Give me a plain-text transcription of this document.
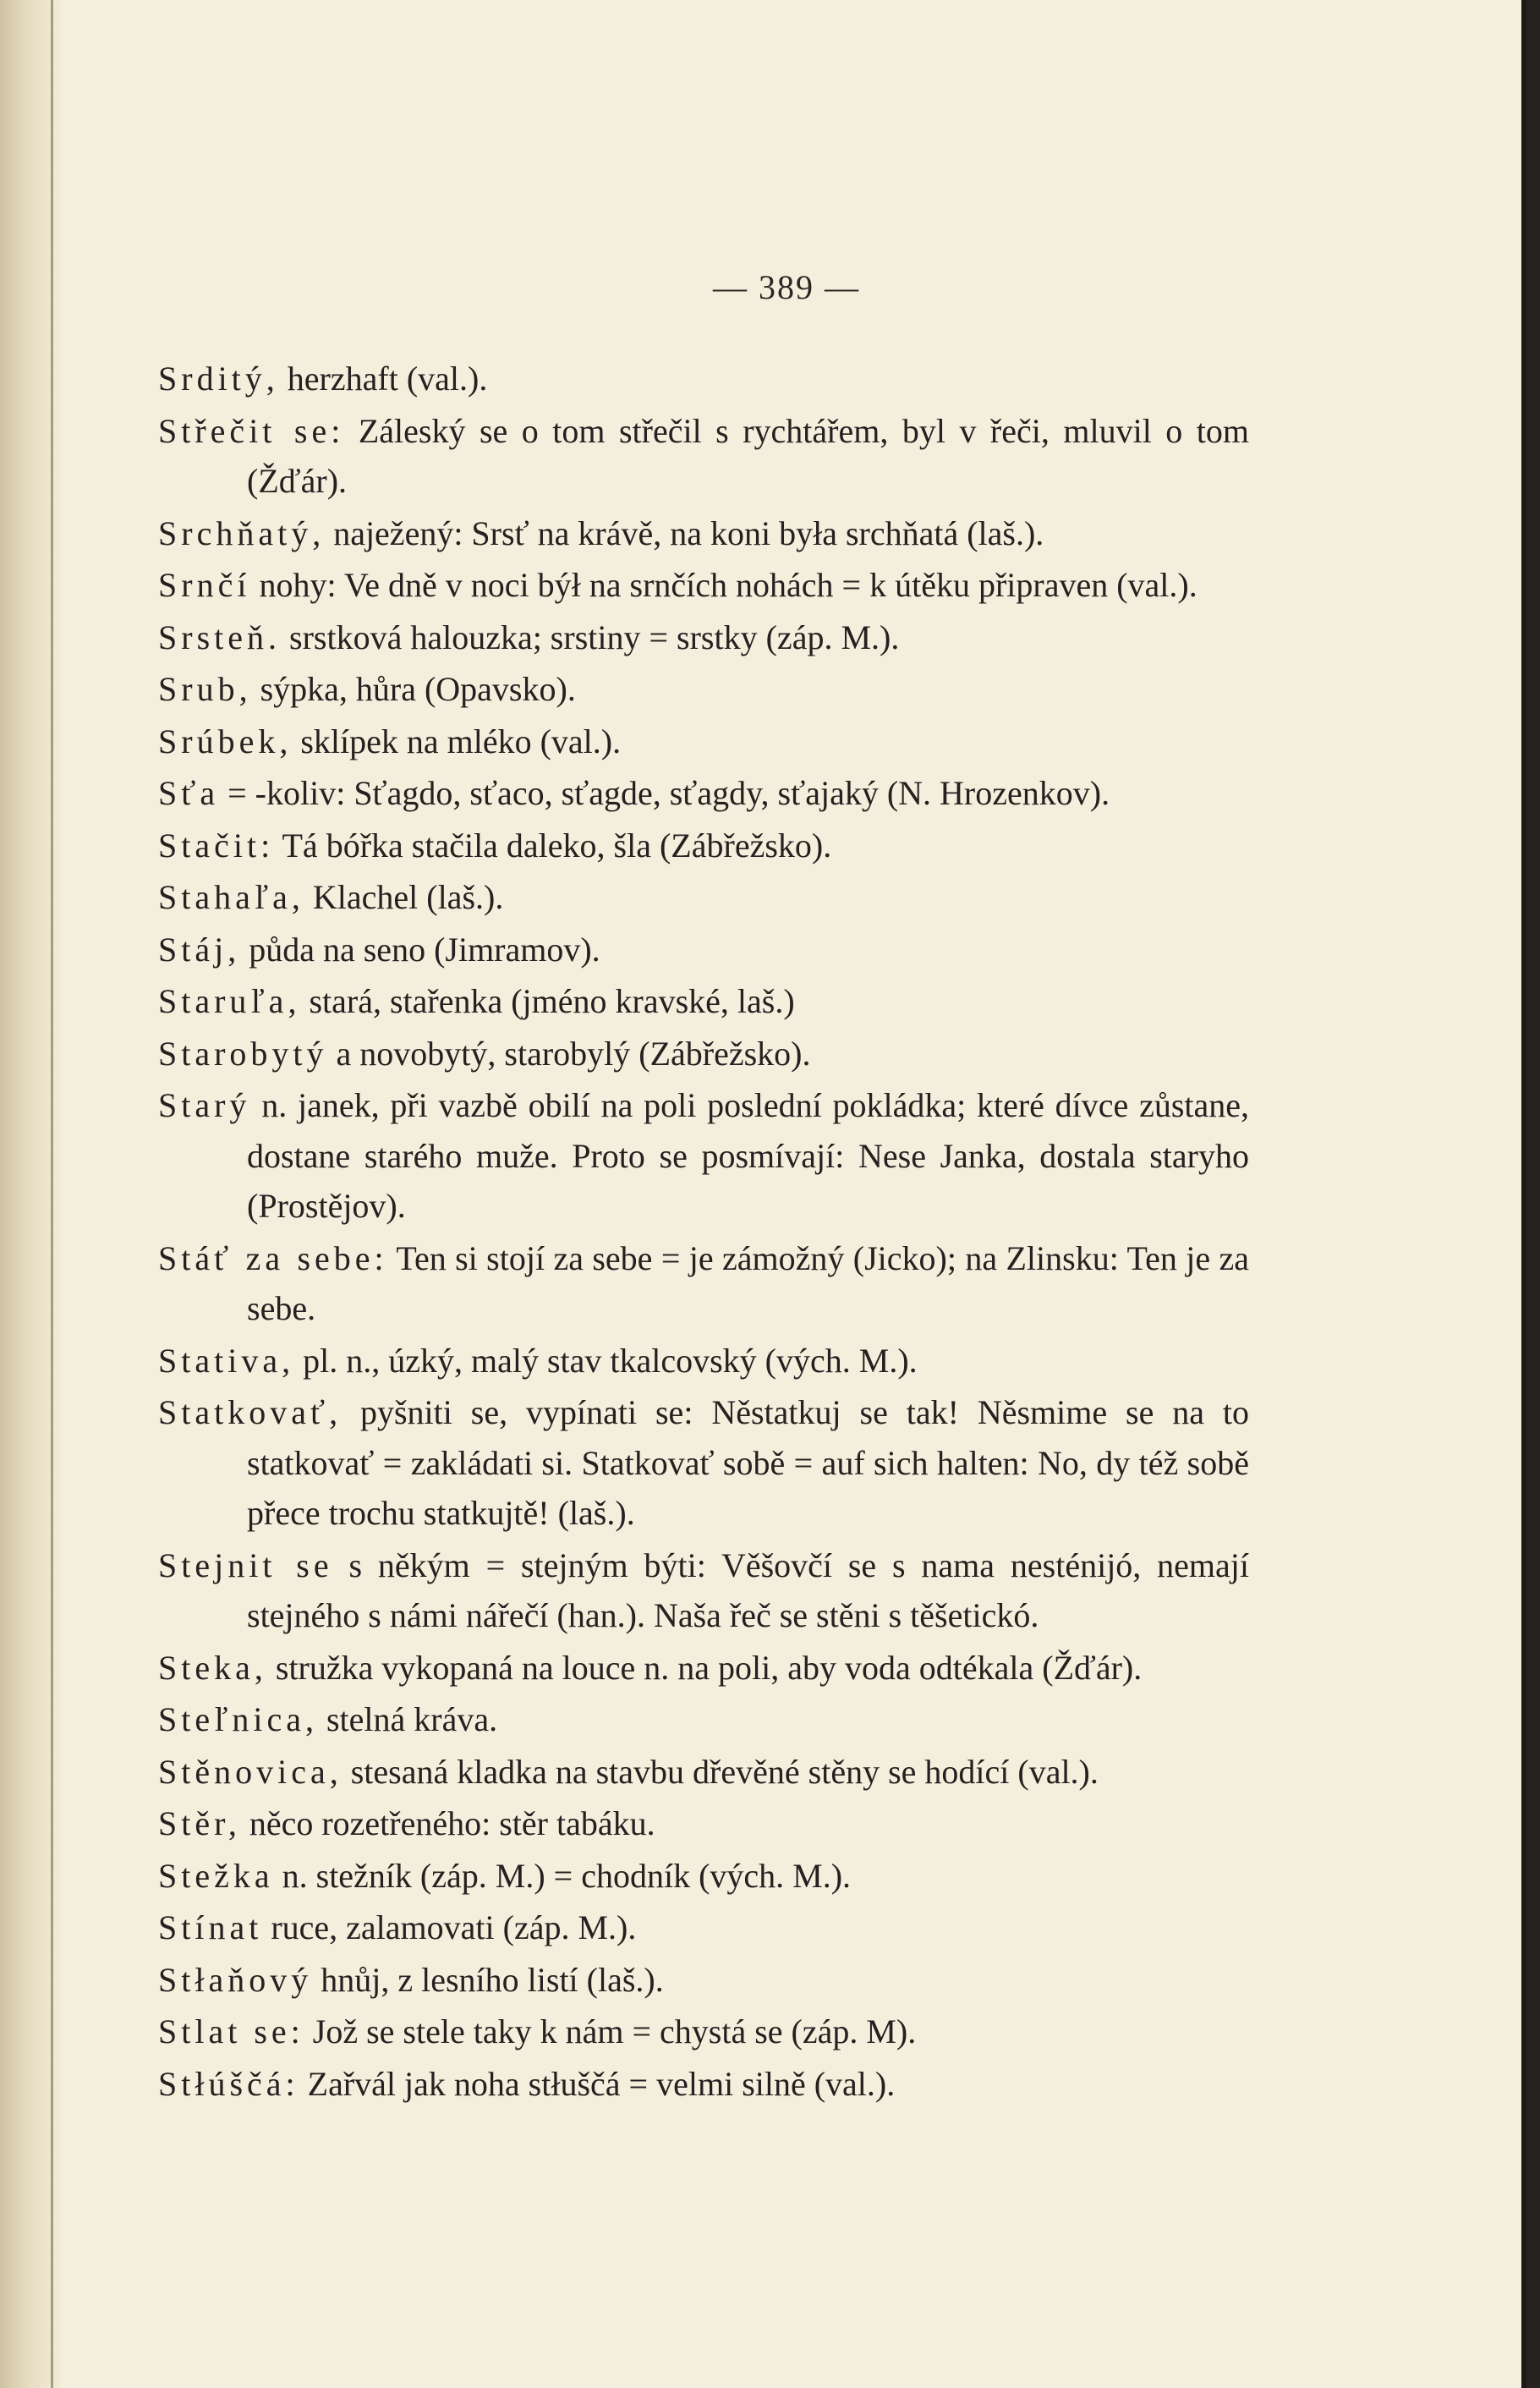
— 389 —

Srditý, herzhaft (val.).
Střečit se: Záleský se o tom střečil s rychtářem, byl v řeči, mluvil o tom (Žďár).
Srchňatý, naježený: Srsť na krávě, na koni była srchňatá (laš.).
Srnčí nohy: Ve dně v noci býł na srnčích nohách = k útěku připraven (val.).
Srsteň. srstková halouzka; srstiny = srstky (záp. M.).
Srub, sýpka, hůra (Opavsko).
Srúbek, sklípek na mléko (val.).
Sťa = -koliv: Sťagdo, sťaco, sťagde, sťagdy, sťajaký (N. Hrozenkov).
Stačit: Tá bóřka stačila daleko, šla (Zábřežsko).
Stahaľa, Klachel (laš.).
Stáj, půda na seno (Jimramov).
Staruľa, stará, stařenka (jméno kravské, laš.)
Starobytý a novobytý, starobylý (Zábřežsko).
Starý n. janek, při vazbě obilí na poli poslední pokládka; které dívce zůstane, dostane starého muže. Proto se posmívají: Nese Janka, dostala staryho (Prostějov).
Stáť za sebe: Ten si stojí za sebe = je zámožný (Jicko); na Zlinsku: Ten je za sebe.
Stativa, pl. n., úzký, malý stav tkalcovský (vých. M.).
Statkovať, pyšniti se, vypínati se: Něstatkuj se tak! Něsmime se na to statkovať = zakládati si. Statkovať sobě = auf sich halten: No, dy též sobě přece trochu statkujtě! (laš.).
Stejnit se s někým = stejným býti: Věšovčí se s nama nesténijó, nemají stejného s námi nářečí (han.). Naša řeč se stěni s těšetickó.
Steka, stružka vykopaná na louce n. na poli, aby voda odtékala (Žďár).
Steľnica, stelná kráva.
Stěnovica, stesaná kladka na stavbu dřevěné stěny se hodící (val.).
Stěr, něco rozetřeného: stěr tabáku.
Stežka n. stežník (záp. M.) = chodník (vých. M.).
Stínat ruce, zalamovati (záp. M.).
Stłaňový hnůj, z lesního listí (laš.).
Stlat se: Jož se stele taky k nám = chystá se (záp. M).
Stłúščá: Zařvál jak noha stłuščá = velmi silně (val.).
